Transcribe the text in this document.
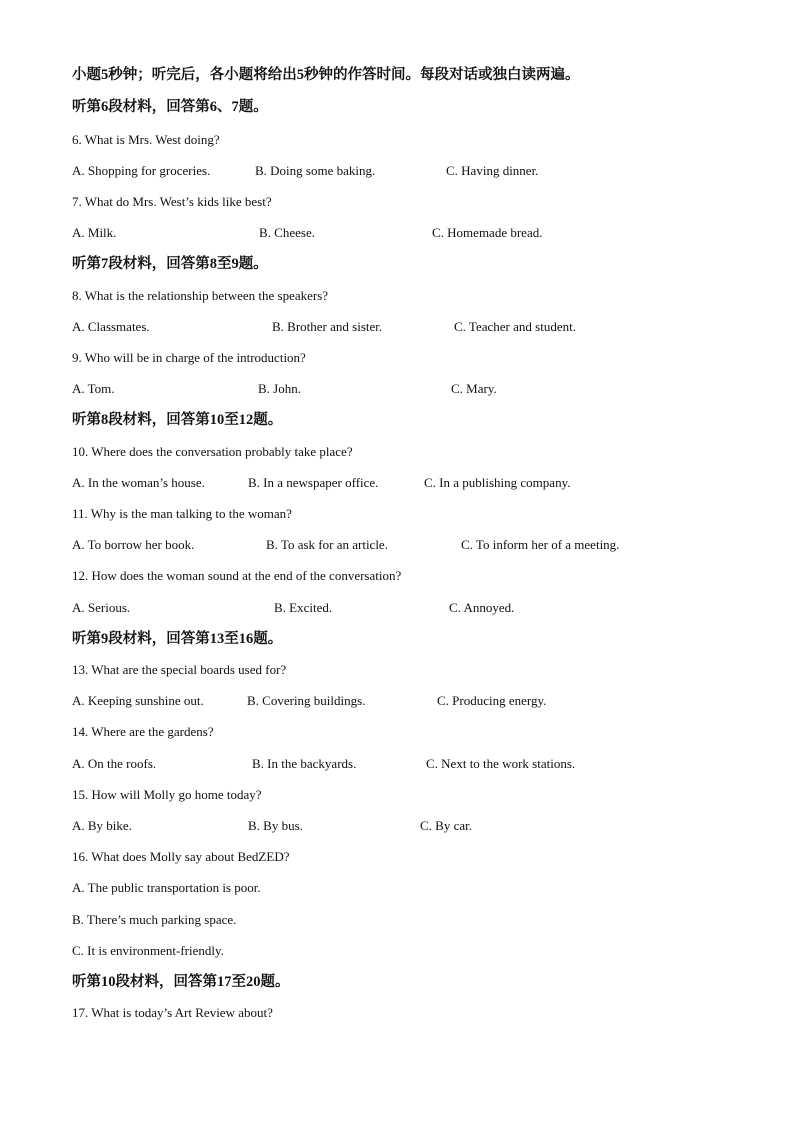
小题5秒钟；听完后，各小题将给出5秒钟的作答时间。每段对话或独白读两遍。
听第6段材料，回答第6、7题。
6. What is Mrs. West doing?
A. Shopping for groceries.	B. Doing some baking.	C. Having dinner.
7. What do Mrs. West’s kids like best?
A. Milk.	B. Cheese.	C. Homemade bread.
听第7段材料，回答第8至9题。
8. What is the relationship between the speakers?
A. Classmates.	B. Brother and sister.	C. Teacher and student.
9. Who will be in charge of the introduction?
A. Tom.	B. John.	C. Mary.
听第8段材料，回答第10至12题。
10. Where does the conversation probably take place?
A. In the woman’s house.	B. In a newspaper office.	C. In a publishing company.
11. Why is the man talking to the woman?
A. To borrow her book.	B. To ask for an article.	C. To inform her of a meeting.
12. How does the woman sound at the end of the conversation?
A. Serious.	B. Excited.	C. Annoyed.
听第9段材料，回答第13至16题。
13. What are the special boards used for?
A. Keeping sunshine out.	B. Covering buildings.	C. Producing energy.
14. Where are the gardens?
A. On the roofs.	B. In the backyards.	C. Next to the work stations.
15. How will Molly go home today?
A. By bike.	B. By bus.	C. By car.
16. What does Molly say about BedZED?
A. The public transportation is poor.
B. There’s much parking space.
C. It is environment-friendly.
听第10段材料，回答第17至20题。
17. What is today’s Art Review about?
